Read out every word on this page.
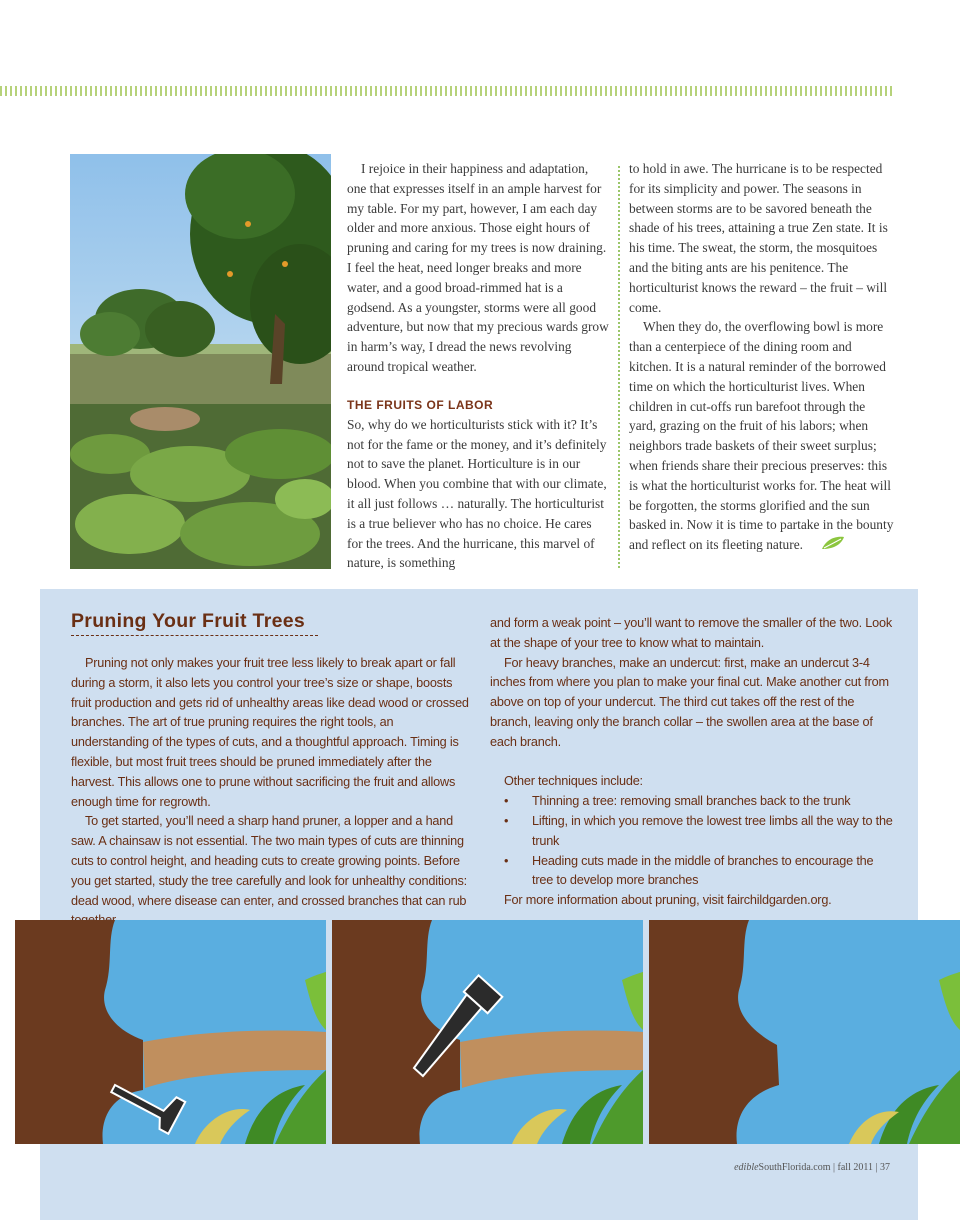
I rejoice in their happiness and adaptation, one that expresses itself in an ample harvest for my table. For my part, however, I am each day older and more anxious. Those eight hours of pruning and caring for my trees is now draining. I feel the heat, need longer breaks and more water, and a good broad-rimmed hat is a godsend. As a youngster, storms were all good adventure, but now that my precious wards grow in harm’s way, I dread the news revolving around tropical weather.

THE FRUITS OF LABOR

So, why do we horticulturists stick with it? It’s not for the fame or the money, and it’s definitely not to save the planet. Horticulture is in our blood. When you combine that with our climate, it all just follows … naturally. The horticulturist is a true believer who has no choice. He cares for the trees. And the hurricane, this marvel of nature, is something

to hold in awe. The hurricane is to be respected for its simplicity and power. The seasons in between storms are to be savored beneath the shade of his trees, attaining a true Zen state. It is his time. The sweat, the storm, the mosquitoes and the biting ants are his penitence. The horticulturist knows the reward – the fruit – will come.

When they do, the overflowing bowl is more than a centerpiece of the dining room and kitchen. It is a natural reminder of the borrowed time on which the horticulturist lives. When children in cut-offs run barefoot through the yard, grazing on the fruit of his labors; when neighbors trade baskets of their sweet surplus; when friends share their precious preserves: this is what the horticulturist works for. The heat will be forgotten, the storms glorified and the sun basked in. Now it is time to partake in the bounty and reflect on its fleeting nature.

Pruning Your Fruit Trees

Pruning not only makes your fruit tree less likely to break apart or fall during a storm, it also lets you control your tree’s size or shape, boosts fruit production and gets rid of unhealthy areas like dead wood or crossed branches. The art of true pruning requires the right tools, an understanding of the types of cuts, and a thoughtful approach. Timing is flexible, but most fruit trees should be pruned immediately after the harvest. This allows one to prune without sacrificing the fruit and allows enough time for regrowth.

To get started, you’ll need a sharp hand pruner, a lopper and a hand saw. A chainsaw is not essential. The two main types of cuts are thinning cuts to control height, and heading cuts to create growing points. Before you get started, study the tree carefully and look for unhealthy conditions: dead wood, where disease can enter, and crossed branches that can rub

and form a weak point – you’ll want to remove the smaller of the two. Look at the shape of your tree to know what to maintain.

For heavy branches, make an undercut: first, make an undercut 3-4 inches from where you plan to make your final cut. Make another cut from above on top of your undercut. The third cut takes off the rest of the branch, leaving only the branch collar – the swollen area at the base of each branch.

Other techniques include:

• Thinning a tree: removing small branches back to the trunk
• Lifting, in which you remove the lowest tree limbs all the way to the trunk
• Heading cuts made in the middle of branches to encourage the tree to develop more branches

For more information about pruning, visit fairchildgarden.org.

edibleSouthFlorida.com | fall 2011 | 37
